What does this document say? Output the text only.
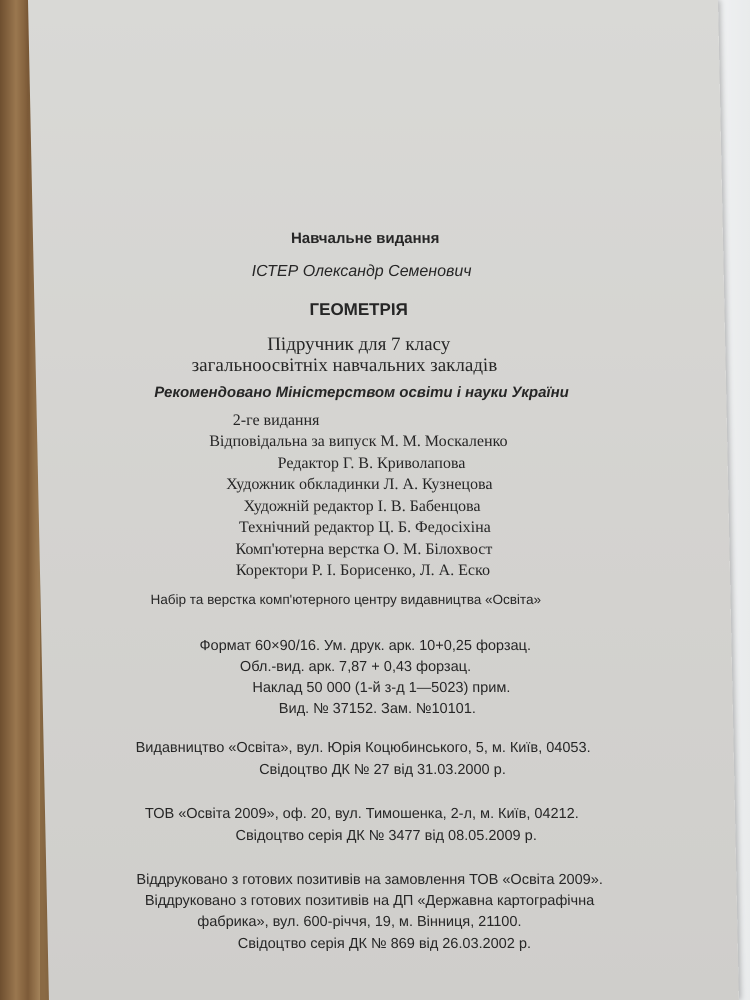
Навчальне видання
ІСТЕР Олександр Семенович
ГЕОМЕТРІЯ
Підручник для 7 класу
загальноосвітніх навчальних закладів
Рекомендовано Міністерством освіти і науки України
2-ге видання
Відповідальна за випуск М. М. Москаленко
Редактор Г. В. Криволапова
Художник обкладинки Л. А. Кузнецова
Художній редактор І. В. Бабенцова
Технічний редактор Ц. Б. Федосіхіна
Комп'ютерна верстка О. М. Білохвост
Коректори Р. І. Борисенко, Л. А. Еско
Набір та верстка комп'ютерного центру видавництва «Освіта»
Формат 60×90/16. Ум. друк. арк. 10+0,25 форзац.
Обл.-вид. арк. 7,87 + 0,43 форзац.
Наклад 50 000 (1-й з-д 1—5023) прим.
Вид. № 37152. Зам. №10101.
Видавництво «Освіта», вул. Юрія Коцюбинського, 5, м. Київ, 04053.
Свідоцтво ДК № 27 від 31.03.2000 р.
ТОВ «Освіта 2009», оф. 20, вул. Тимошенка, 2-л, м. Київ, 04212.
Свідоцтво серія ДК № 3477 від 08.05.2009 р.
Віддруковано з готових позитивів на замовлення ТОВ «Освіта 2009».
Віддруковано з готових позитивів на ДП «Державна картографічна
фабрика», вул. 600-річчя, 19, м. Вінниця, 21100.
Свідоцтво серія ДК № 869 від 26.03.2002 р.
